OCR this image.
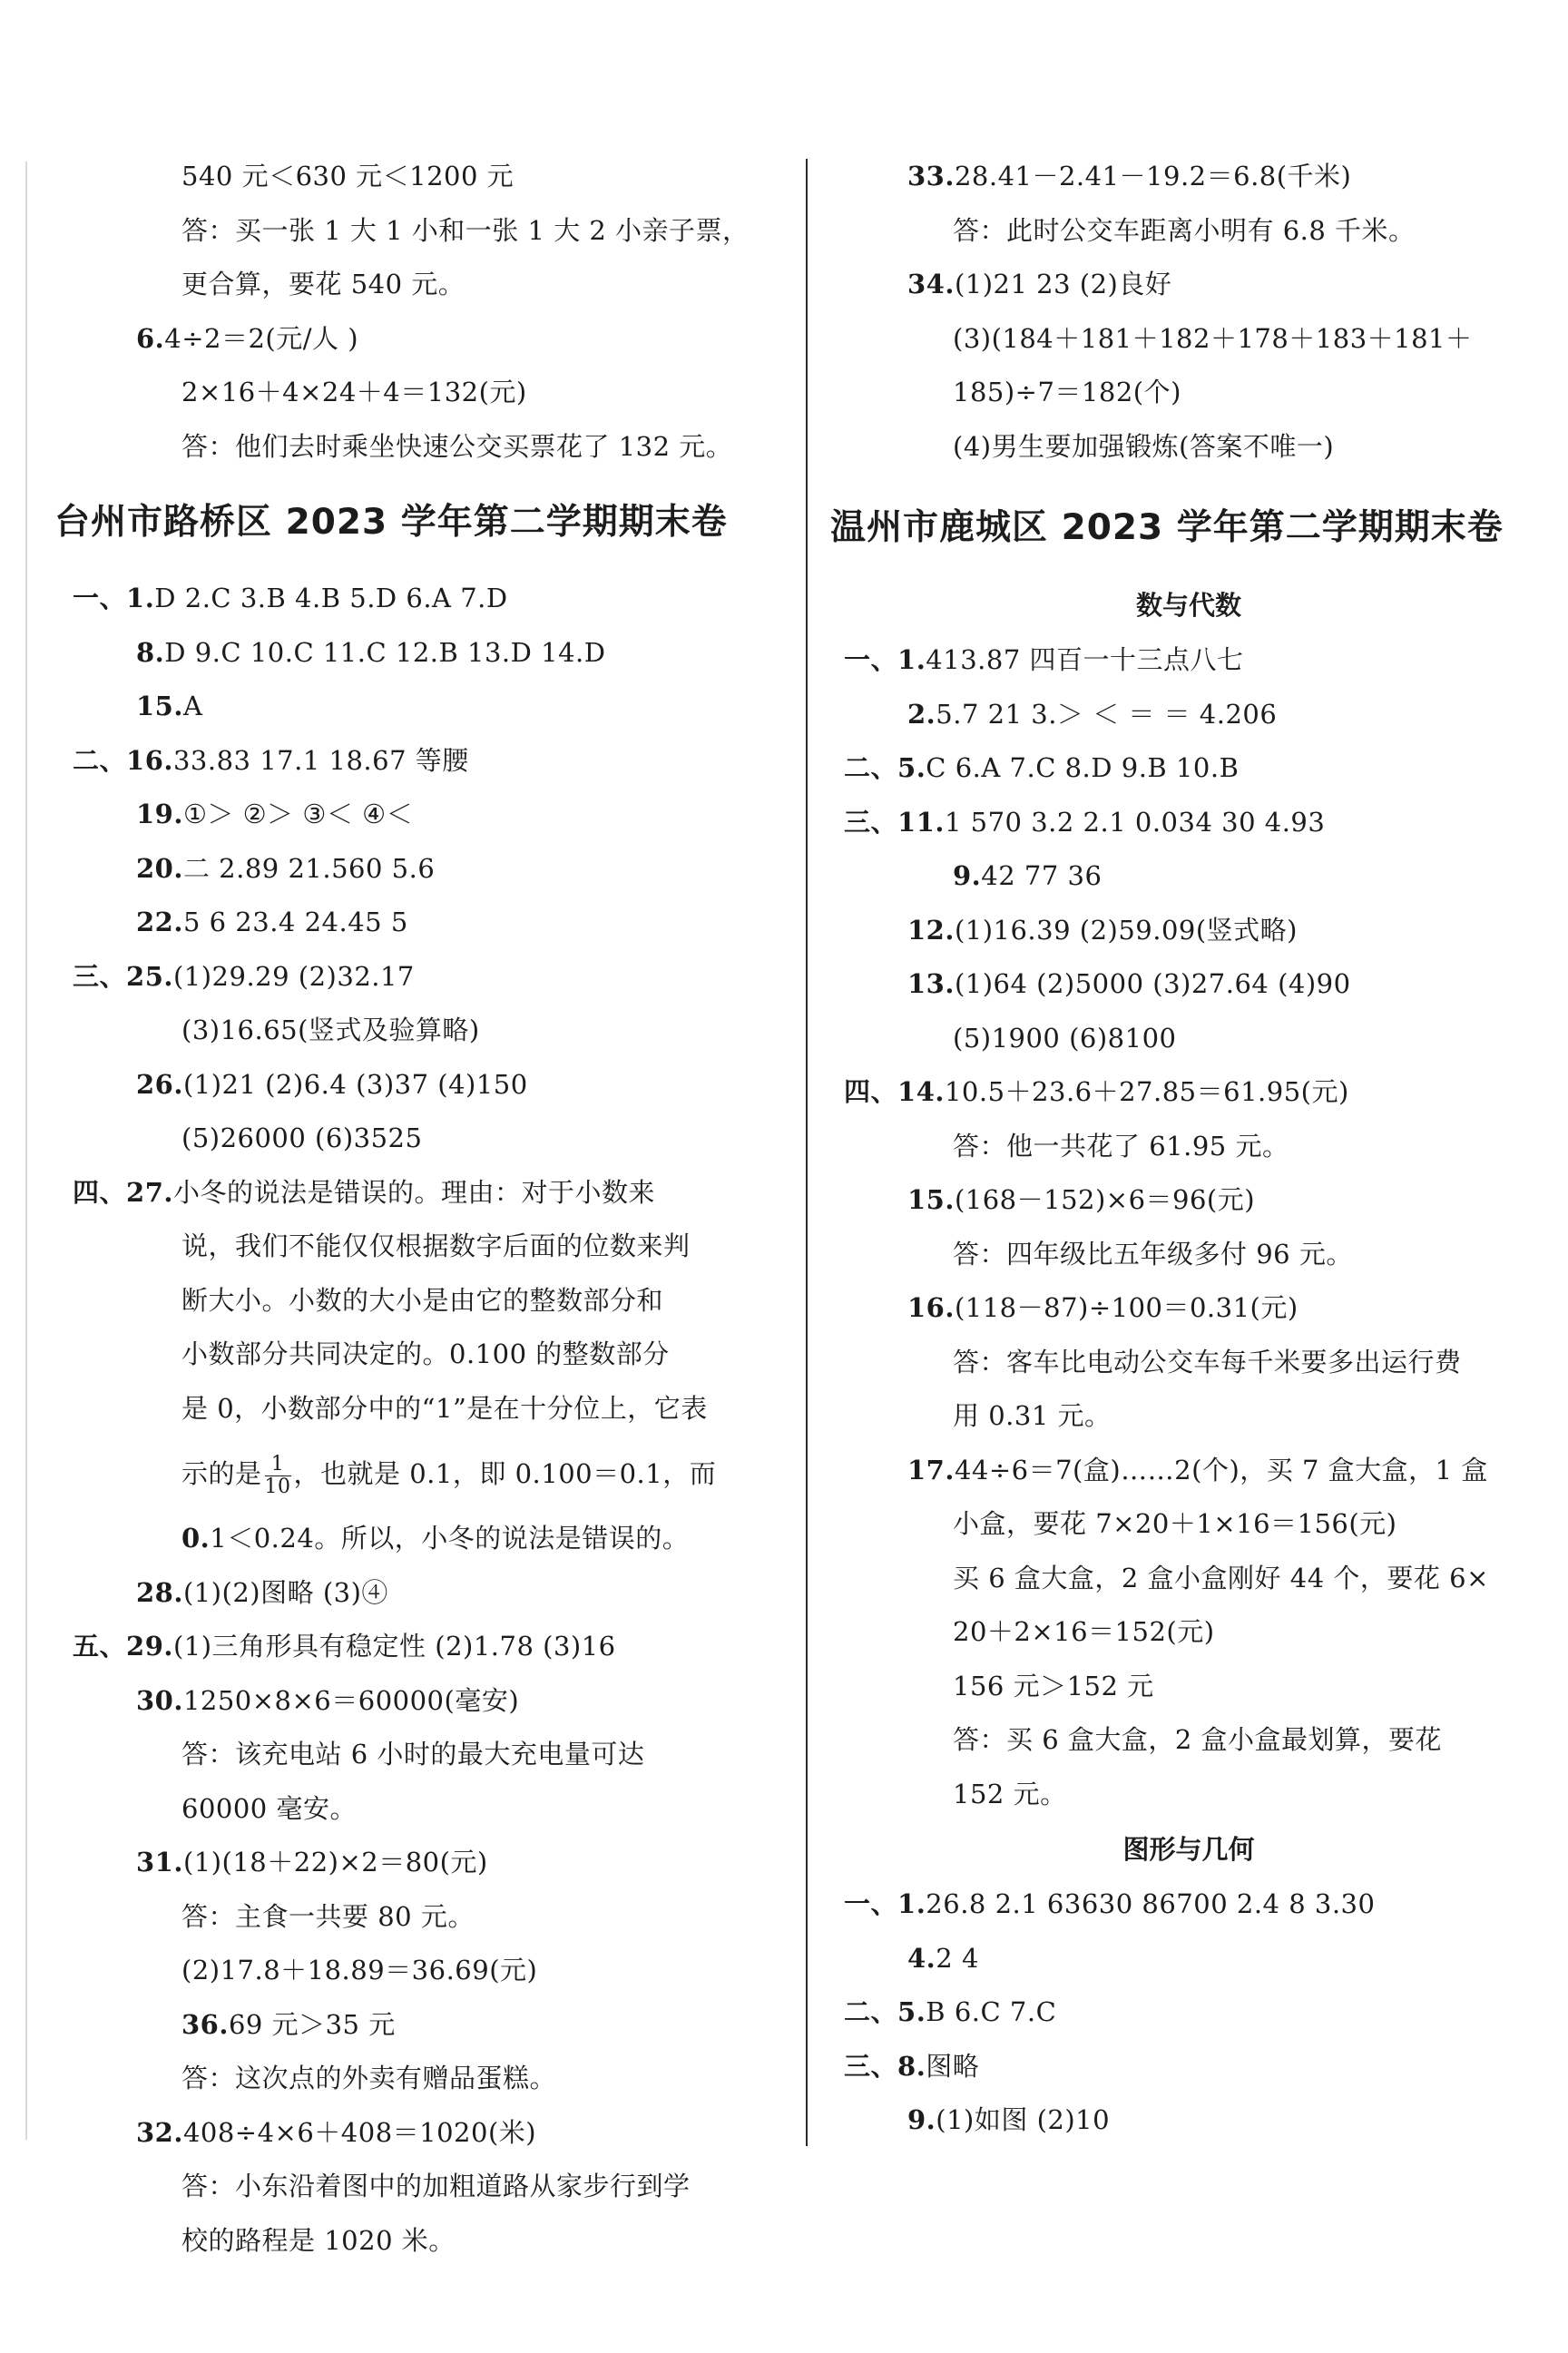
540 元＜630 元＜1200 元
答：买一张 1 大 1 小和一张 1 大 2 小亲子票，
更合算，要花 540 元。
6.4÷2＝2(元/人 )
2×16＋4×24＋4＝132(元)
答：他们去时乘坐快速公交买票花了 132 元。
台州市路桥区 2023 学年第二学期期末卷
一、1.D 2.C 3.B 4.B 5.D 6.A 7.D
8.D 9.C 10.C 11.C 12.B 13.D 14.D
15.A
二、16.33.83 17.1 18.67 等腰
19.①＞ ②＞ ③＜ ④＜
20.二 2.89 21.560 5.6
22.5 6 23.4 24.45 5
三、25.(1)29.29 (2)32.17
(3)16.65(竖式及验算略)
26.(1)21 (2)6.4 (3)37 (4)150
(5)26000 (6)3525
四、27.小冬的说法是错误的。理由：对于小数来
说，我们不能仅仅根据数字后面的位数来判
断大小。小数的大小是由它的整数部分和
小数部分共同决定的。0.100 的整数部分
是 0，小数部分中的“1”是在十分位上，它表
示的是 $\frac{1}{10}$ ，也就是 0.1，即 0.100＝0.1，而
0.1＜0.24。所以，小冬的说法是错误的。
28.(1)(2)图略 (3)④
五、29.(1)三角形具有稳定性 (2)1.78 (3)16
30.1250×8×6＝60000(毫安)
答：该充电站 6 小时的最大充电量可达
60000 毫安。
31.(1)(18＋22)×2＝80(元)
答：主食一共要 80 元。
(2)17.8＋18.89＝36.69(元)
36.69 元＞35 元
答：这次点的外卖有赠品蛋糕。
32.408÷4×6＋408＝1020(米)
答：小东沿着图中的加粗道路从家步行到学
校的路程是 1020 米。
33.28.41－2.41－19.2＝6.8(千米)
答：此时公交车距离小明有 6.8 千米。
34.(1)21 23 (2)良好
(3)(184＋181＋182＋178＋183＋181＋
185)÷7＝182(个)
(4)男生要加强锻炼(答案不唯一)
温州市鹿城区 2023 学年第二学期期末卷
数与代数
一、1.413.87 四百一十三点八七
2.5.7 21 3.＞ ＜ ＝ ＝ 4.206
二、5.C 6.A 7.C 8.D 9.B 10.B
三、11.1 570 3.2 2.1 0.034 30 4.93
9.42 77 36
12.(1)16.39 (2)59.09(竖式略)
13.(1)64 (2)5000 (3)27.64 (4)90
(5)1900 (6)8100
四、14.10.5＋23.6＋27.85＝61.95(元)
答：他一共花了 61.95 元。
15.(168－152)×6＝96(元)
答：四年级比五年级多付 96 元。
16.(118－87)÷100＝0.31(元)
答：客车比电动公交车每千米要多出运行费
用 0.31 元。
17.44÷6＝7(盒)……2(个)，买 7 盒大盒，1 盒
小盒，要花 7×20＋1×16＝156(元)
买 6 盒大盒，2 盒小盒刚好 44 个，要花 6×
20＋2×16＝152(元)
156 元＞152 元
答：买 6 盒大盒，2 盒小盒最划算，要花
152 元。
图形与几何
一、1.26.8 2.1 63630 86700 2.4 8 3.30
4.2 4
二、5.B 6.C 7.C
三、8.图略
9.(1)如图 (2)10
